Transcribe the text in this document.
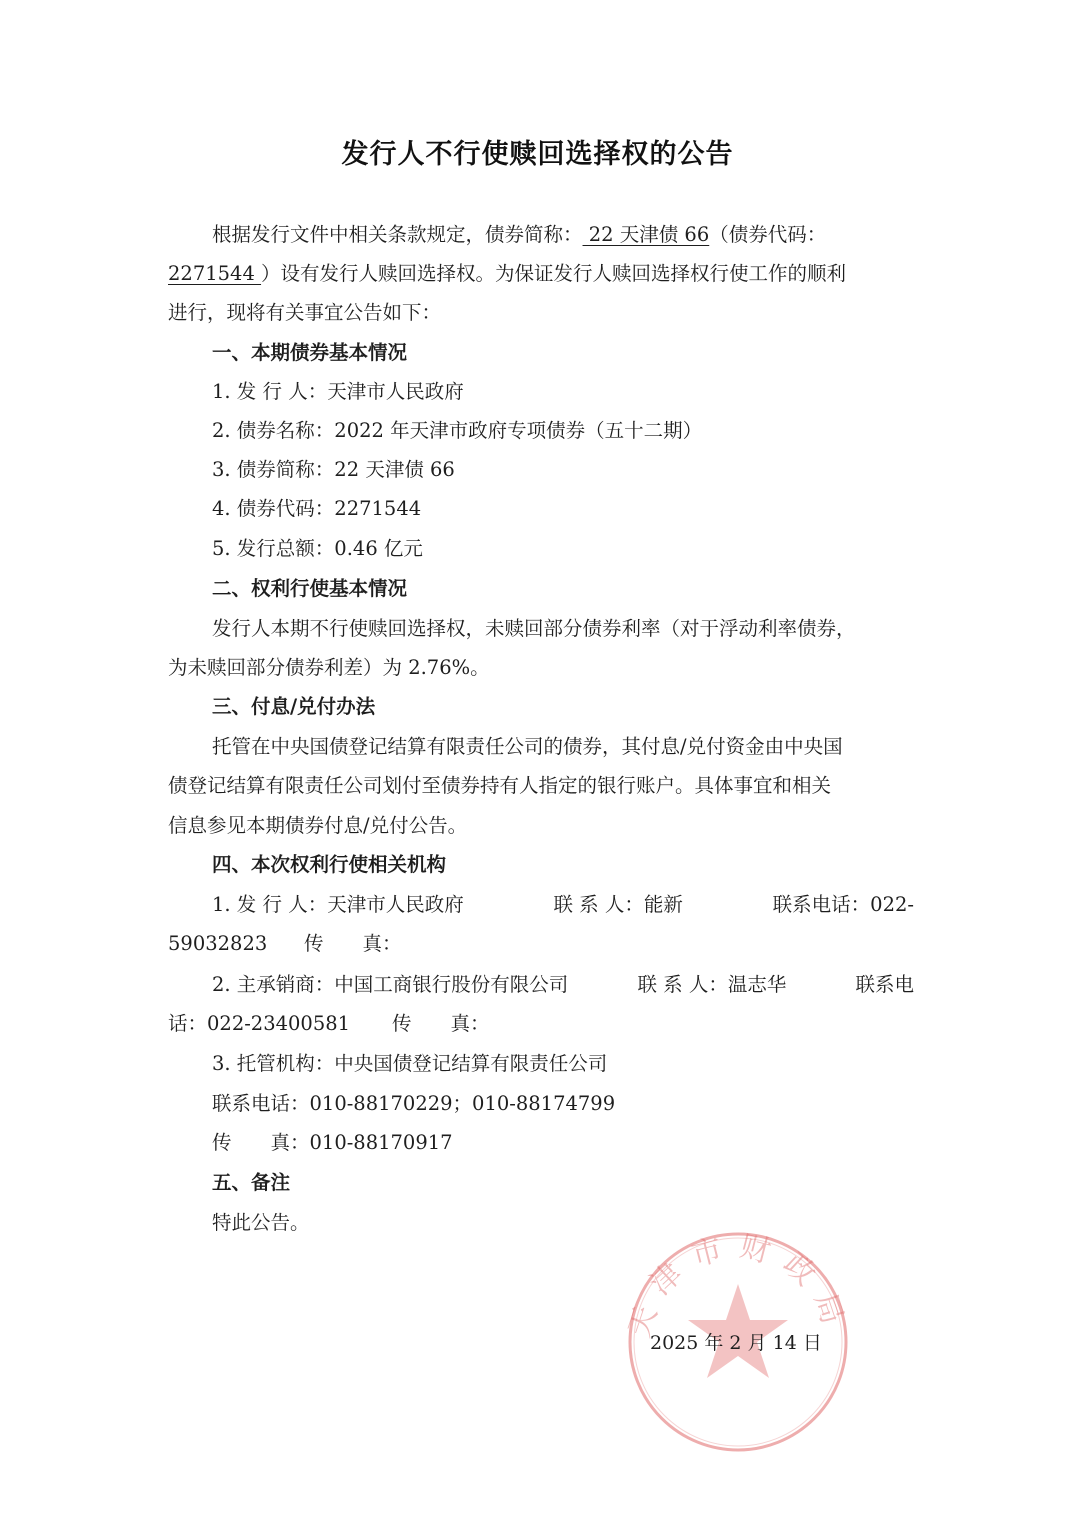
发行人不行使赎回选择权的公告
根据发行文件中相关条款规定，债券简称： 22 天津债 66（债券代码：
2271544 ）设有发行人赎回选择权。为保证发行人赎回选择权行使工作的顺利
进行，现将有关事宜公告如下：
一、本期债券基本情况
1. 发 行 人：天津市人民政府
2. 债券名称：2022 年天津市政府专项债券（五十二期）
3. 债券简称：22 天津债 66
4. 债券代码：2271544
5. 发行总额：0.46 亿元
二、权利行使基本情况
发行人本期不行使赎回选择权，未赎回部分债券利率（对于浮动利率债券，
为未赎回部分债券利差）为 2.76%。
三、付息/兑付办法
托管在中央国债登记结算有限责任公司的债券，其付息/兑付资金由中央国
债登记结算有限责任公司划付至债券持有人指定的银行账户。具体事宜和相关
信息参见本期债券付息/兑付公告。
四、本次权利行使相关机构
1. 发 行 人：天津市人民政府	联 系 人：能新	联系电话：022-
59032823 传　　真：
2. 主承销商：中国工商银行股份有限公司	联 系 人：温志华	联系电
话：022-23400581 传　　真：
3. 托管机构：中央国债登记结算有限责任公司
联系电话：010-88170229；010-88174799
传　　真：010-88170917
五、备注
特此公告。
天津市财政局
2025 年 2 月 14 日
